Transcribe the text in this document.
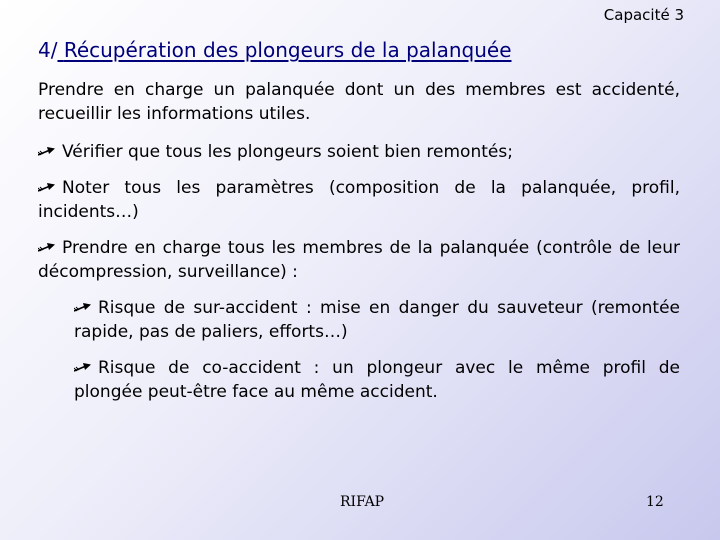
Capacité 3
4/ Récupération des plongeurs de la palanquée

Prendre en charge un palanquée dont un des membres est accidenté, recueillir les informations utiles.

Vérifier que tous les plongeurs soient bien remontés;

Noter tous les paramètres (composition de la palanquée, profil, incidents…)

Prendre en charge tous les membres de la palanquée (contrôle de leur décompression, surveillance) :

Risque de sur-accident : mise en danger du sauveteur (remontée rapide, pas de paliers, efforts…)

Risque de co-accident : un plongeur avec le même profil de plongée peut-être face au même accident.

RIFAP	12
